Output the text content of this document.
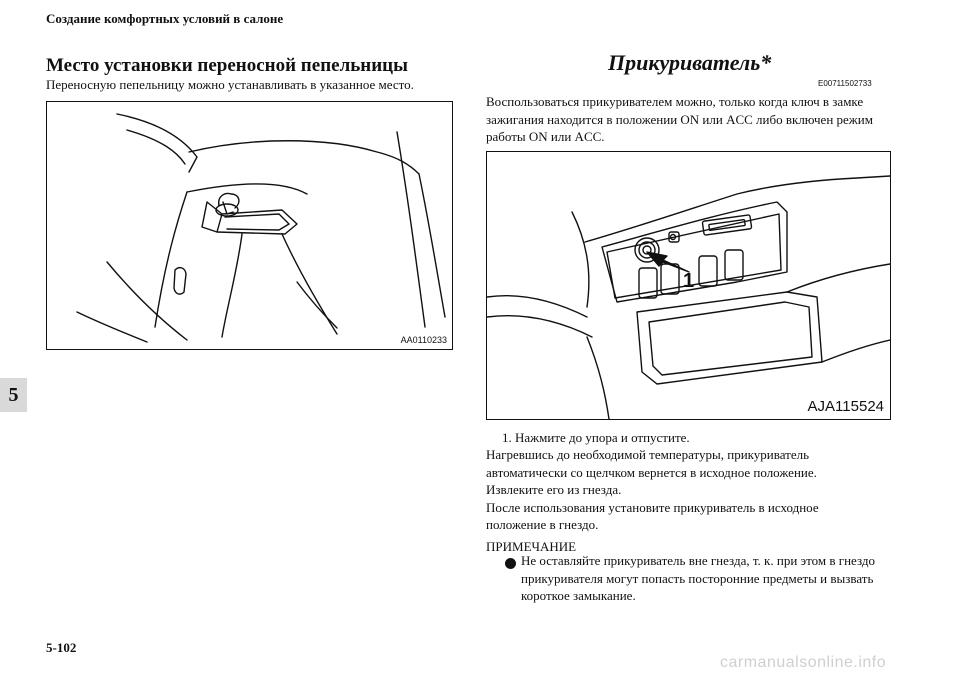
Создание комфортных условий в салоне
Место установки переносной пепельницы
Переносную пепельницу можно устанавливать в указанное место.
AA0110233
5
Прикуриватель*
E00711502733
Воспользоваться прикуривателем можно, только когда ключ в замке
зажигания находится в положении ON или ACC либо включен режим
работы ON или ACC.
1
AJA115524
1. Нажмите до упора и отпустите.
Нагревшись до необходимой температуры, прикуриватель
автоматически со щелчком вернется в исходное положение.
Извлеките его из гнезда.
После использования установите прикуриватель в исходное
положение в гнездо.
ПРИМЕЧАНИЕ
Не оставляйте прикуриватель вне гнезда, т. к. при этом в гнездо
прикуривателя могут попасть посторонние предметы и вызвать
короткое замыкание.
5-102
carmanualsonline.info
